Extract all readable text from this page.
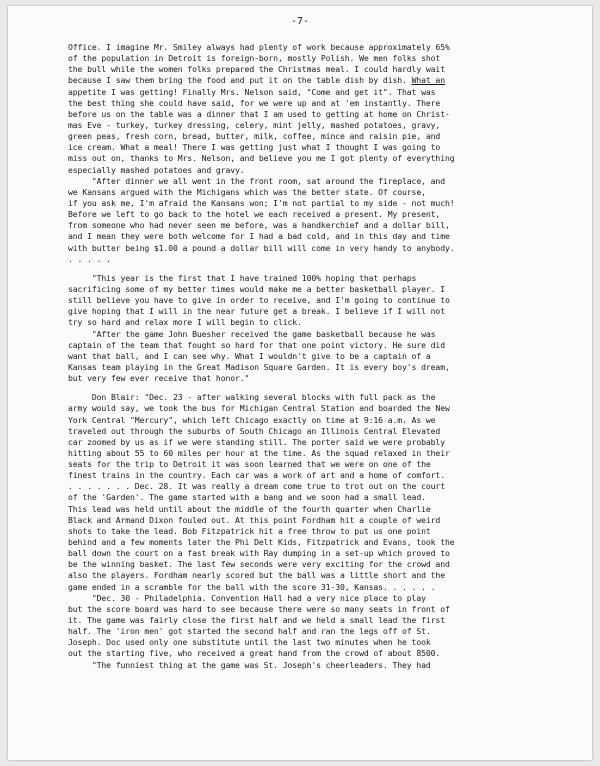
-7-
Office. I imagine Mr. Smiley always had plenty of work because approximately 65%
of the population in Detroit is foreign-born, mostly Polish. We men folks shot
the bull while the women folks prepared the Christmas meal. I could hardly wait
because I saw them bring the food and put it on the table dish by dish. What an
appetite I was getting! Finally Mrs. Nelson said, "Come and get it". That was
the best thing she could have said, for we were up and at 'em instantly. There
before us on the table was a dinner that I am used to getting at home on Christ-
mas Eve - turkey, turkey dressing, celery, mint jelly, mashed potatoes, gravy,
green peas, fresh corn, bread, butter, milk, coffee, mince and raisin pie, and
ice cream. What a meal! There I was getting just what I thought I was going to
miss out on, thanks to Mrs. Nelson, and believe you me I got plenty of everything
especially mashed potatoes and gravy.
"After dinner we all went in the front room, sat around the fireplace, and
we Kansans argued with the Michigans which was the better state. Of course,
if you ask me, I'm afraid the Kansans won; I'm not partial to my side - not much!
Before we left to go back to the hotel we each received a present. My present,
from someone who had never seen me before, was a handkerchief and a dollar bill,
and I mean they were both welcome for I had a bad cold, and in this day and time
with butter being $1.00 a pound a dollar bill will come in very handy to anybody.
. . . . .
"This year is the first that I have trained 100% hoping that perhaps
sacrificing some of my better times would make me a better basketball player. I
still believe you have to give in order to receive, and I'm going to continue to
give hoping that I will in the near future get a break. I believe if I will not
try so hard and relax more I will begin to click.
"After the game John Buesher received the game basketball because he was
captain of the team that fought so hard for that one point victory. He sure did
want that ball, and I can see why. What I wouldn't give to be a captain of a
Kansas team playing in the Great Madison Square Garden. It is every boy's dream,
but very few ever receive that honor."
Don Blair: "Dec. 23 - after walking several blocks with full pack as the
army would say, we took the bus for Michigan Central Station and boarded the New
York Central "Mercury", which left Chicago exactly on time at 9:16 a.m. As we
traveled out through the suburbs of South Chicago an Illinois Central Elevated
car zoomed by us as if we were standing still. The porter said we were probably
hitting about 55 to 60 miles per hour at the time. As the squad relaxed in their
seats for the trip to Detroit it was soon learned that we were on one of the
finest trains in the country. Each car was a work of art and a home of comfort.
. . . . . . . Dec. 28. It was really a dream come true to trot out on the court
of the 'Garden'. The game started with a bang and we soon had a small lead.
This lead was held until about the middle of the fourth quarter when Charlie
Black and Armand Dixon fouled out. At this point Fordham hit a couple of weird
shots to take the lead. Bob Fitzpatrick hit a free throw to put us one point
behind and a few moments later the Phi Delt Kids, Fitzpatrick and Evans, took the
ball down the court on a fast break with Ray dumping in a set-up which proved to
be the winning basket. The last few seconds were very exciting for the crowd and
also the players. Fordham nearly scored but the ball was a little short and the
game ended in a scramble for the ball with the score 31-30, Kansas. . . . . .
"Dec. 30 - Philadelphia. Convention Hall had a very nice place to play
but the score board was hard to see because there were so many seats in front of
it. The game was fairly close the first half and we held a small lead the first
half. The 'iron men' got started the second half and ran the legs off of St.
Joseph. Doc used only one substitute until the last two minutes when he took
out the starting five, who received a great hand from the crowd of about 8500.
"The funniest thing at the game was St. Joseph's cheerleaders. They had
